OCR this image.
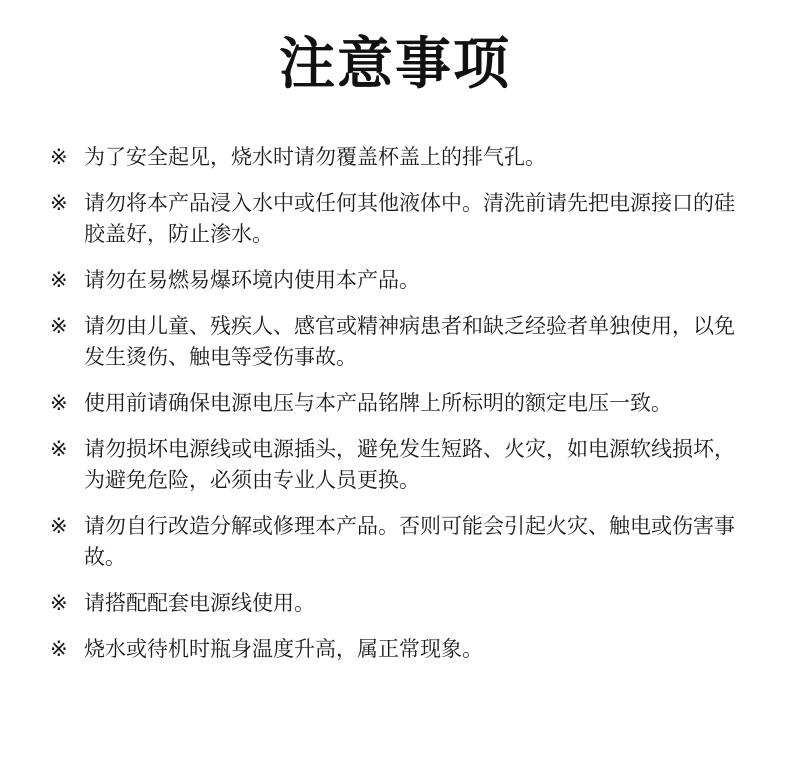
注意事项
※ 为了安全起见，烧水时请勿覆盖杯盖上的排气孔。
※ 请勿将本产品浸入水中或任何其他液体中。清洗前请先把电源接口的硅胶盖好，防止渗水。
※ 请勿在易燃易爆环境内使用本产品。
※ 请勿由儿童、残疾人、感官或精神病患者和缺乏经验者单独使用，以免发生烫伤、触电等受伤事故。
※ 使用前请确保电源电压与本产品铭牌上所标明的额定电压一致。
※ 请勿损坏电源线或电源插头，避免发生短路、火灾，如电源软线损坏，为避免危险，必须由专业人员更换。
※ 请勿自行改造分解或修理本产品。否则可能会引起火灾、触电或伤害事故。
※ 请搭配配套电源线使用。
※ 烧水或待机时瓶身温度升高，属正常现象。
